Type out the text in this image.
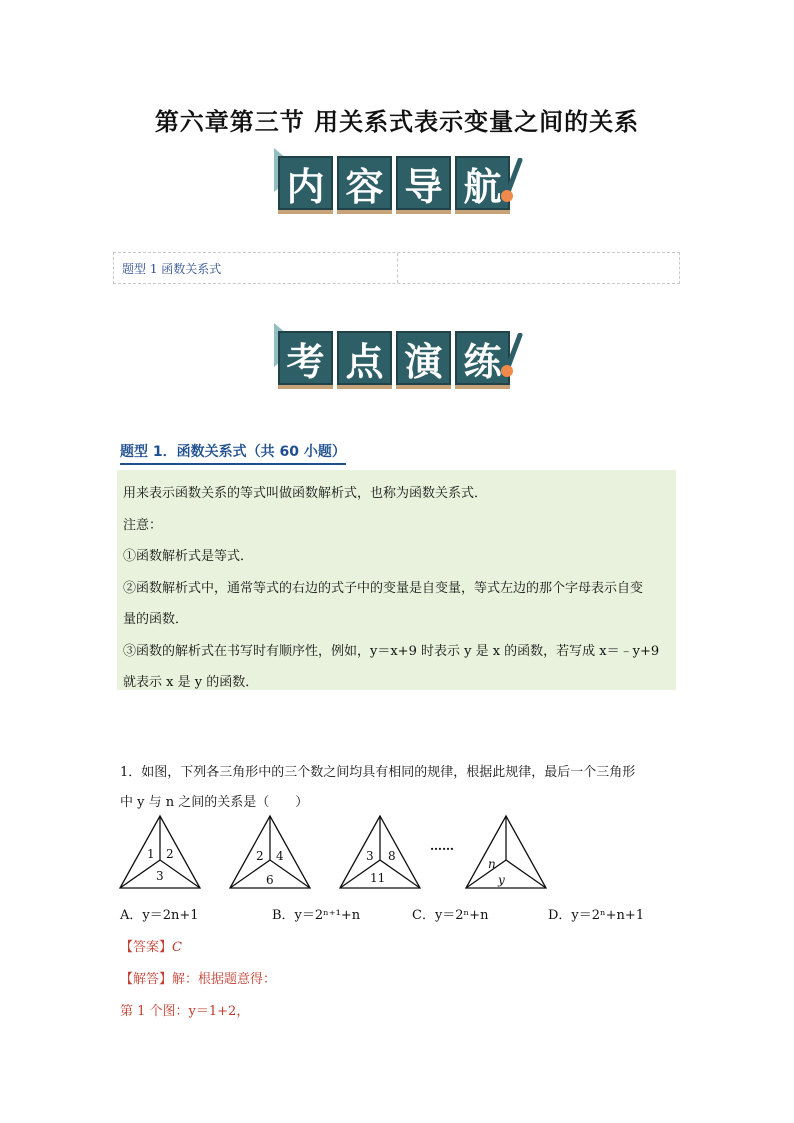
第六章第三节 用关系式表示变量之间的关系
内 容 导 航
题型 1 函数关系式
考 点 演 练
题型 1．函数关系式（共 60 小题）

用来表示函数关系的等式叫做函数解析式，也称为函数关系式．

注意：

①函数解析式是等式．

②函数解析式中，通常等式的右边的式子中的变量是自变量，等式左边的那个字母表示自变

量的函数．

③函数的解析式在书写时有顺序性，例如，y＝x+9 时表示 y 是 x 的函数，若写成 x＝﹣y+9

就表示 x 是 y 的函数．

1．如图，下列各三角形中的三个数之间均具有相同的规律，根据此规律，最后一个三角形

中 y 与 n 之间的关系是（　　）

1 2
3
2 4
6
3 8
11
……
n
y
A．y＝2n+1	B．y＝2ⁿ⁺¹+n	C．y＝2ⁿ+n	D．y＝2ⁿ+n+1
【答案】C
【解答】解：根据题意得：
第 1 个图：y＝1+2，
